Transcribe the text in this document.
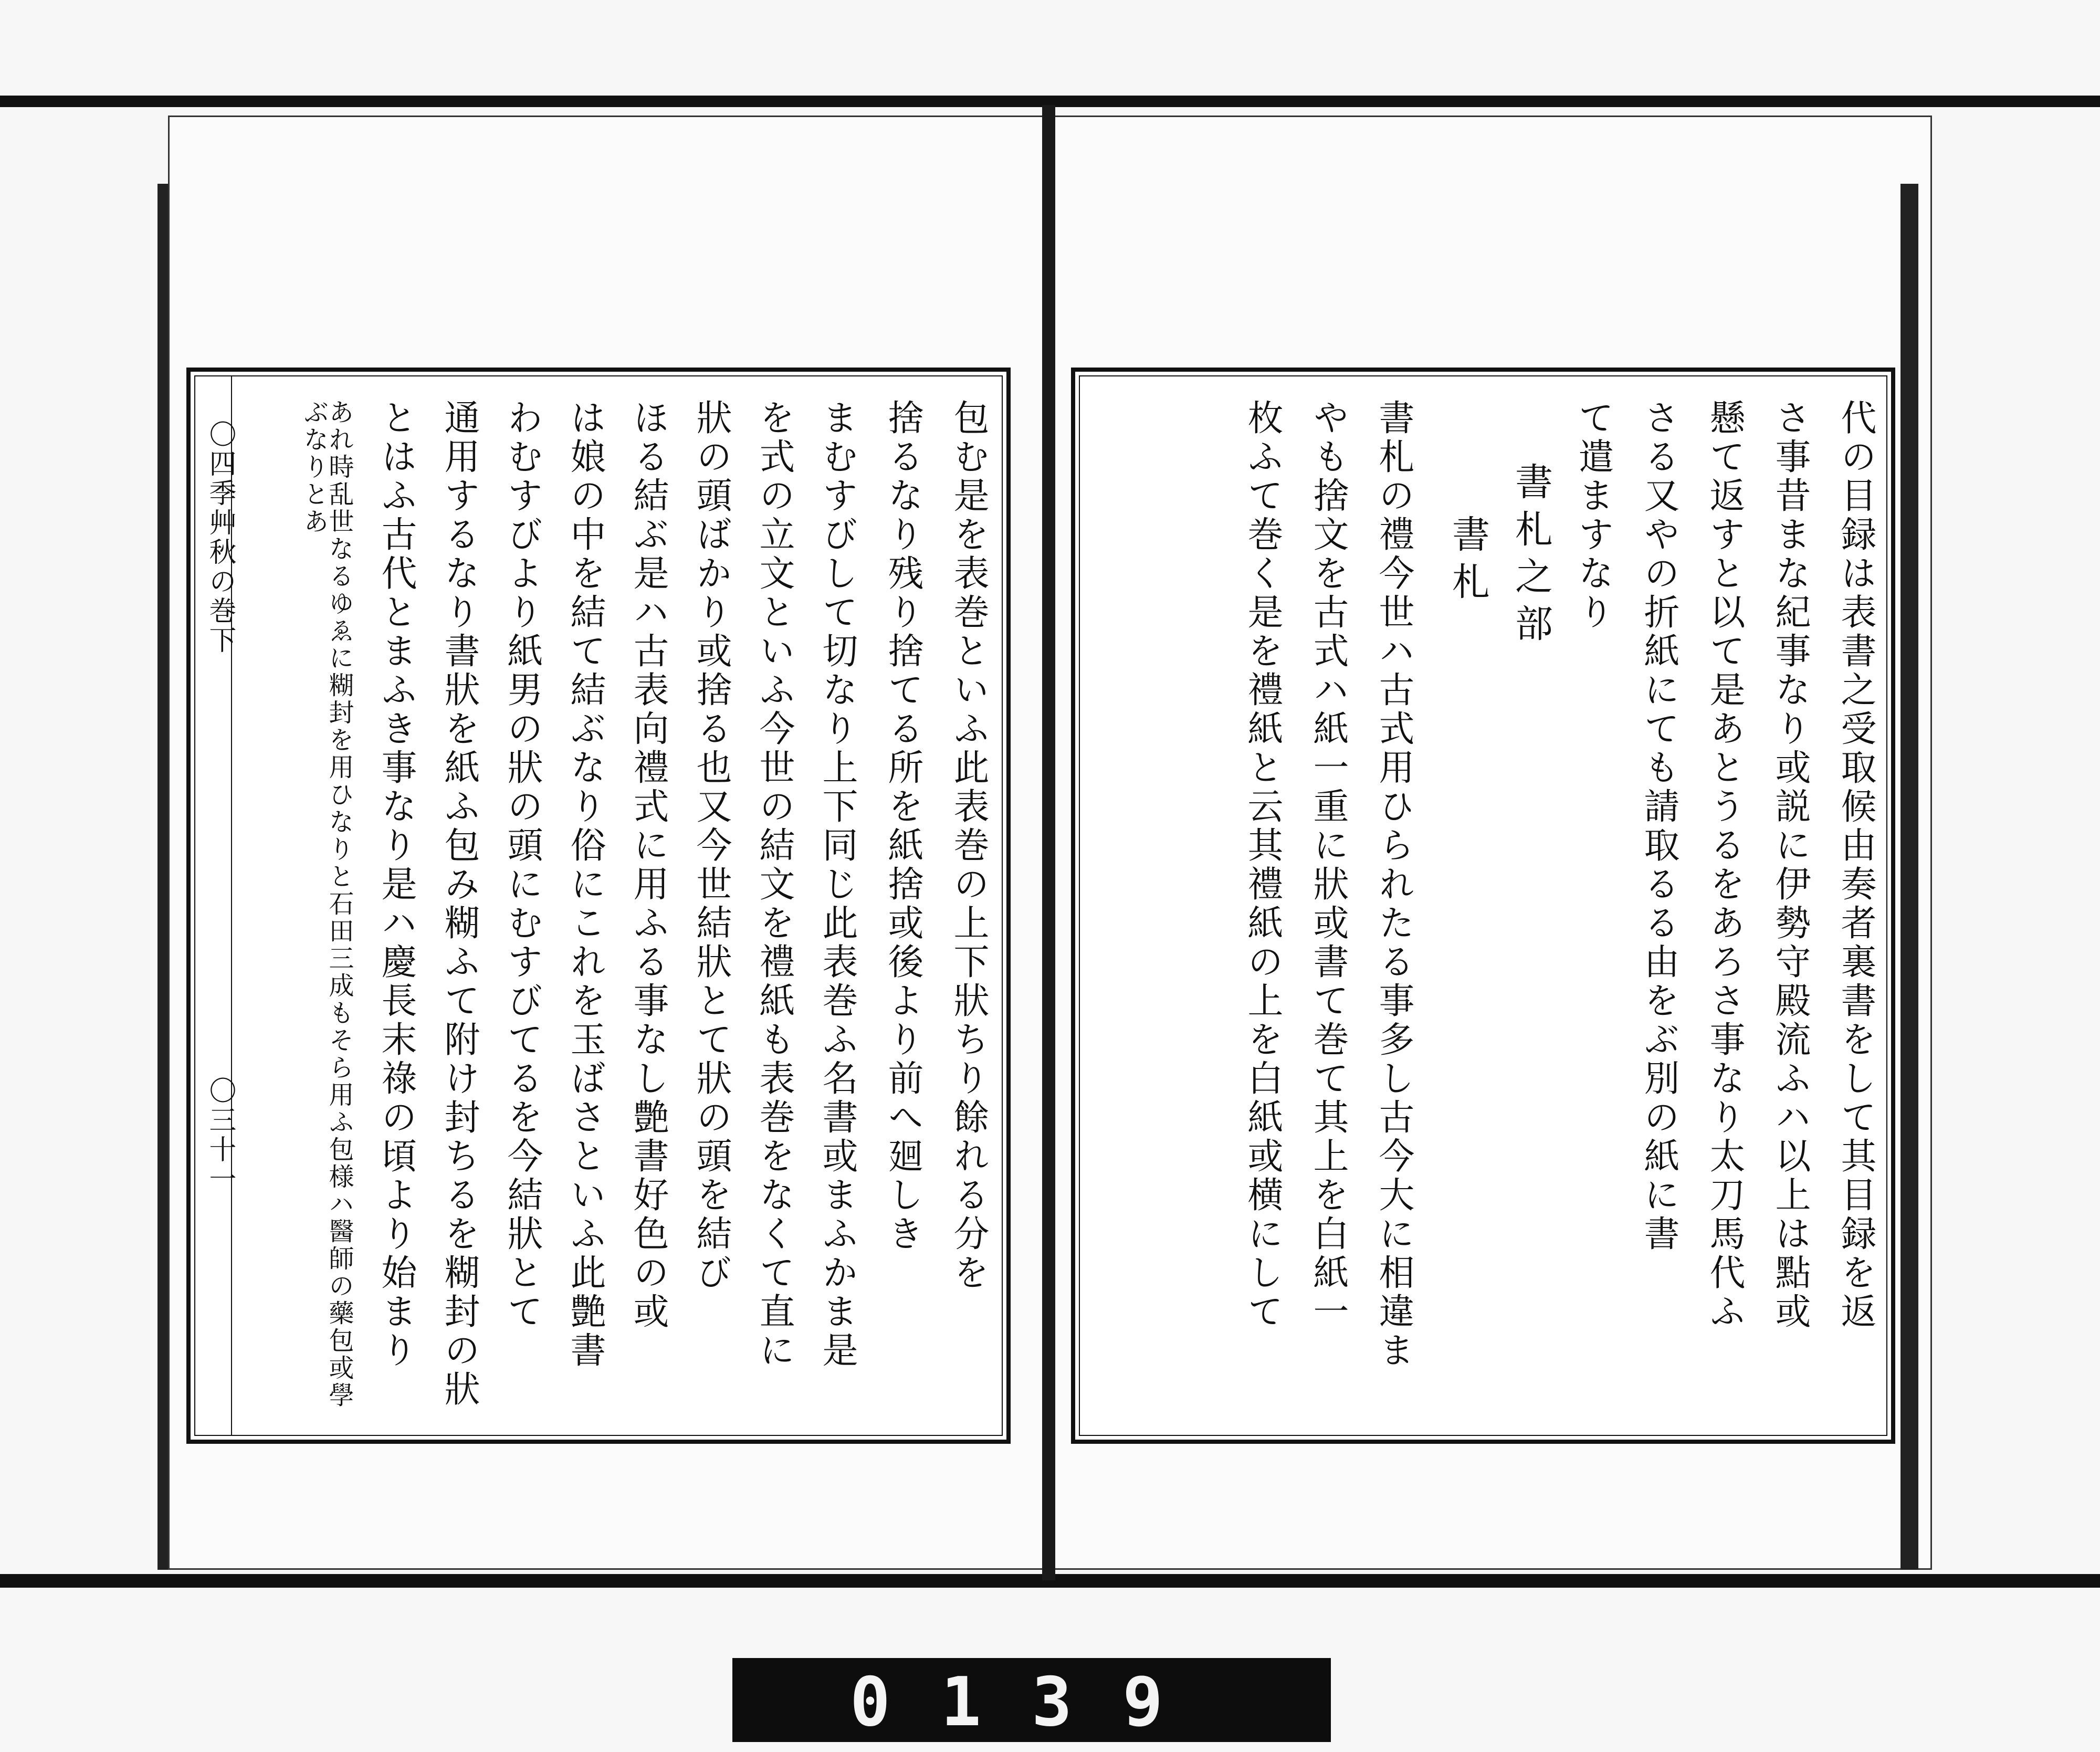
〇四季艸秋の巻下
〇三十一	包む是を表巻といふ此表巻の上下狀ちり餘れる分を
捨るなり残り捨てる所を紙捨或後より前へ廻しき
まむすびして切なり上下同じ此表巻ふ名書或まふかま是
を式の立文といふ今世の結文を禮紙も表巻をなくて直に
狀の頭ばかり或捨る也又今世結狀とて狀の頭を結び
ほる結ぶ是ハ古表向禮式に用ふる事なし艶書好色の或
は娘の中を結て結ぶなり俗にこれを玉ばさといふ此艶書
わむすびより紙男の狀の頭にむすびてるを今結狀とて
通用するなり書狀を紙ふ包み糊ふて附け封ちるを糊封の狀
とはふ古代とまふき事なり是ハ慶長末祿の頃より始まり
あれ時乱世なるゆゑに糊封を用ひなりと石田三成もそら用ふ包様ハ醫師の藥包或學ぶなりとあ	代の目録は表書之受取候由奏者裏書をして其目録を返
さ事昔まな紀事なり或説に伊勢守殿流ふハ以上は點或
懸て返すと以て是あとうるをあろさ事なり太刀馬代ふ
さる又やの折紙にても請取るる由をぶ別の紙に書
て遣ますなり
書札之部
書札
書札の禮今世ハ古式用ひられたる事多し古今大に相違ま
やも捨文を古式ハ紙一重に狀或書て巻て其上を白紙一
枚ふて巻く是を禮紙と云其禮紙の上を白紙或横にして
0139
